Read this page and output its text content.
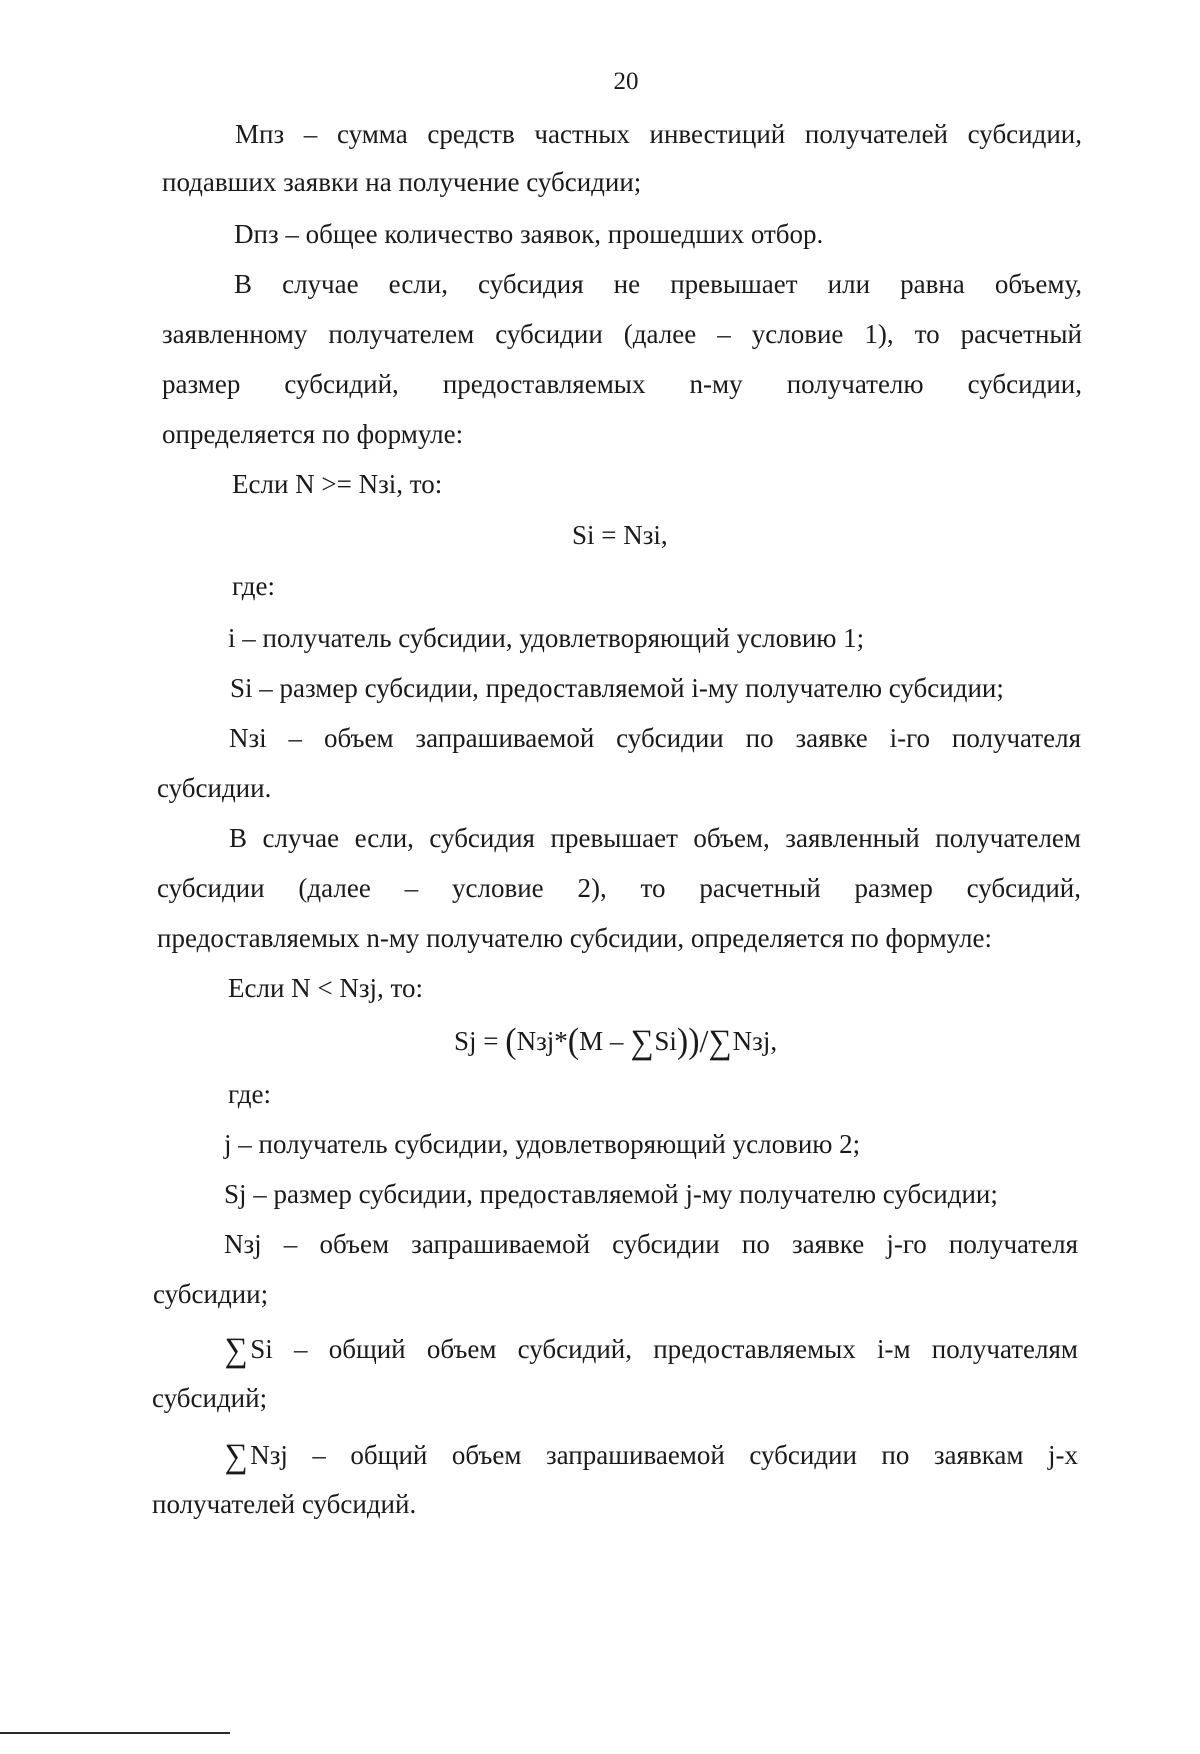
20
Мпз – сумма средств частных инвестиций получателей субсидии,
подавших заявки на получение субсидии;
Dпз – общее количество заявок, прошедших отбор.
В случае если, субсидия не превышает или равна объему,
заявленному получателем субсидии (далее – условие 1), то расчетный
размер субсидий, предоставляемых n-му получателю субсидии,
определяется по формуле:
Если N >= Nзi, то:
Si = Nзi,
где:
i – получатель субсидии, удовлетворяющий условию 1;
Si – размер субсидии, предоставляемой i-му получателю субсидии;
Nзi – объем запрашиваемой субсидии по заявке i-го получателя
субсидии.
В случае если, субсидия превышает объем, заявленный получателем
субсидии (далее – условие 2), то расчетный размер субсидий,
предоставляемых n-му получателю субсидии, определяется по формуле:
Если N < Nзj, то:
Sj = (Nзj*(M – ∑Si))/∑Nзj,
где:
j – получатель субсидии, удовлетворяющий условию 2;
Sj – размер субсидии, предоставляемой j-му получателю субсидии;
Nзj – объем запрашиваемой субсидии по заявке j-го получателя
субсидии;
∑ Si – общий объем субсидий, предоставляемых i-м получателям
субсидий;
∑ Nзj – общий объем запрашиваемой субсидии по заявкам j-х
получателей субсидий.
